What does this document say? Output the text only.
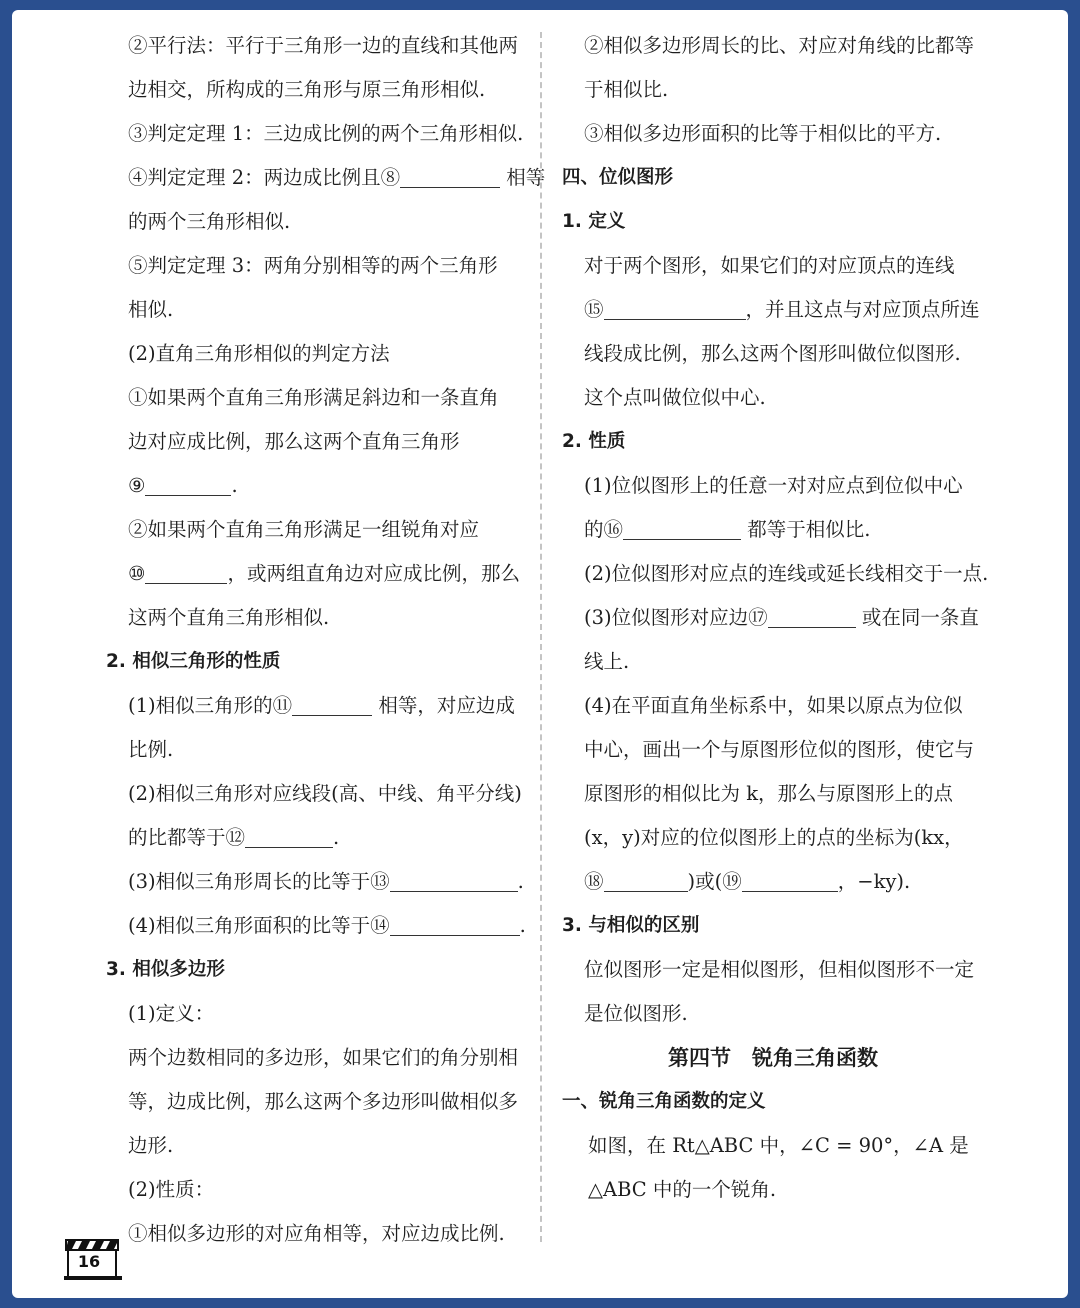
②平行法：平行于三角形一边的直线和其他两
边相交，所构成的三角形与原三角形相似.
③判定定理 1：三边成比例的两个三角形相似.
④判定定理 2：两边成比例且⑧	相等
的两个三角形相似.
⑤判定定理 3：两角分别相等的两个三角形
相似.
(2)直角三角形相似的判定方法
①如果两个直角三角形满足斜边和一条直角
边对应成比例，那么这两个直角三角形
⑨	.
②如果两个直角三角形满足一组锐角对应
⑩	，或两组直角边对应成比例，那么
这两个直角三角形相似.
2. 相似三角形的性质
(1)相似三角形的⑪	相等，对应边成
比例.
(2)相似三角形对应线段(高、中线、角平分线)
的比都等于⑫	.
(3)相似三角形周长的比等于⑬	.
(4)相似三角形面积的比等于⑭	.
3. 相似多边形
(1)定义：
两个边数相同的多边形，如果它们的角分别相
等，边成比例，那么这两个多边形叫做相似多
边形.
(2)性质：
①相似多边形的对应角相等，对应边成比例.
②相似多边形周长的比、对应对角线的比都等
于相似比.
③相似多边形面积的比等于相似比的平方.
四、位似图形
1. 定义
对于两个图形，如果它们的对应顶点的连线
⑮	，并且这点与对应顶点所连
线段成比例，那么这两个图形叫做位似图形.
这个点叫做位似中心.
2. 性质
(1)位似图形上的任意一对对应点到位似中心
的⑯	都等于相似比.
(2)位似图形对应点的连线或延长线相交于一点.
(3)位似图形对应边⑰	或在同一条直
线上.
(4)在平面直角坐标系中，如果以原点为位似
中心，画出一个与原图形位似的图形，使它与
原图形的相似比为 k，那么与原图形上的点
(x，y)对应的位似图形上的点的坐标为(kx，
⑱	)或(⑲	，−ky).
3. 与相似的区别
位似图形一定是相似图形，但相似图形不一定
是位似图形.
第四节　锐角三角函数
一、锐角三角函数的定义
如图，在 Rt△ABC 中，∠C = 90°，∠A 是
△ABC 中的一个锐角.
16
